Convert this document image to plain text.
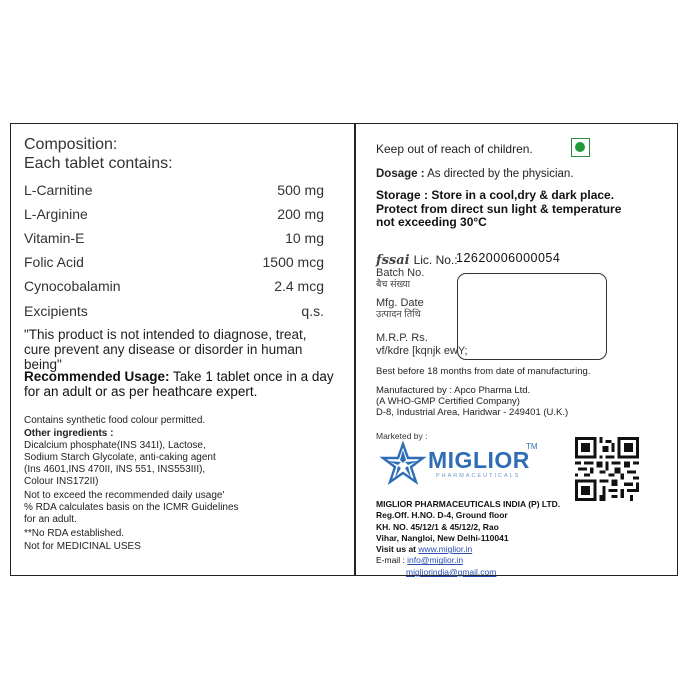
Composition:
Each tablet contains:
L-Carnitine	500 mg
L-Arginine	200 mg
Vitamin-E	10 mg
Folic Acid	1500 mcg
Cynocobalamin	2.4 mcg
Excipients	q.s.
"This product is not intended to diagnose, treat, cure prevent any disease or disorder in human being"
Recommended Usage: Take 1 tablet once in a day for an adult or as per heathcare expert.
Contains synthetic food colour permitted.
Other ingredients :
Dicalcium phosphate(INS 341I), Lactose,
Sodium Starch Glycolate, anti-caking agent
(Ins 4601,INS 470II, INS 551, INS553III),
Colour INS172II)
Not to exceed the recommended daily usage'
% RDA calculates basis on the ICMR Guidelines
for an adult.
**No RDA established.
Not for MEDICINAL USES
Keep out of reach of children.
Dosage : As directed by the physician.
Storage : Store in a cool,dry & dark place.
Protect from direct sun light & temperature
not exceeding 30°C
fssai Lic. No.:
12620006000054
Batch No.
बैच संख्या
Mfg. Date
उत्पादन तिथि
M.R.P. Rs.
vf/kdre [kqnjk ewY;
Best before 18 months from date of manufacturing.
Manufactured by : Apco Pharma Ltd.
(A WHO-GMP Certified Company)
D-8, Industrial Area, Haridwar - 249401 (U.K.)
Marketed by :
MIGLIOR
TM
PHARMACEUTICALS
MIGLIOR PHARMACEUTICALS INDIA (P) LTD.
Reg.Off. H.NO. D-4, Ground floor
KH. NO. 45/12/1 & 45/12/2, Rao
Vihar, Nangloi, New Delhi-110041
Visit us at www.miglior.in
E-mail : info@miglior.in
migliorindia@gmail.com
